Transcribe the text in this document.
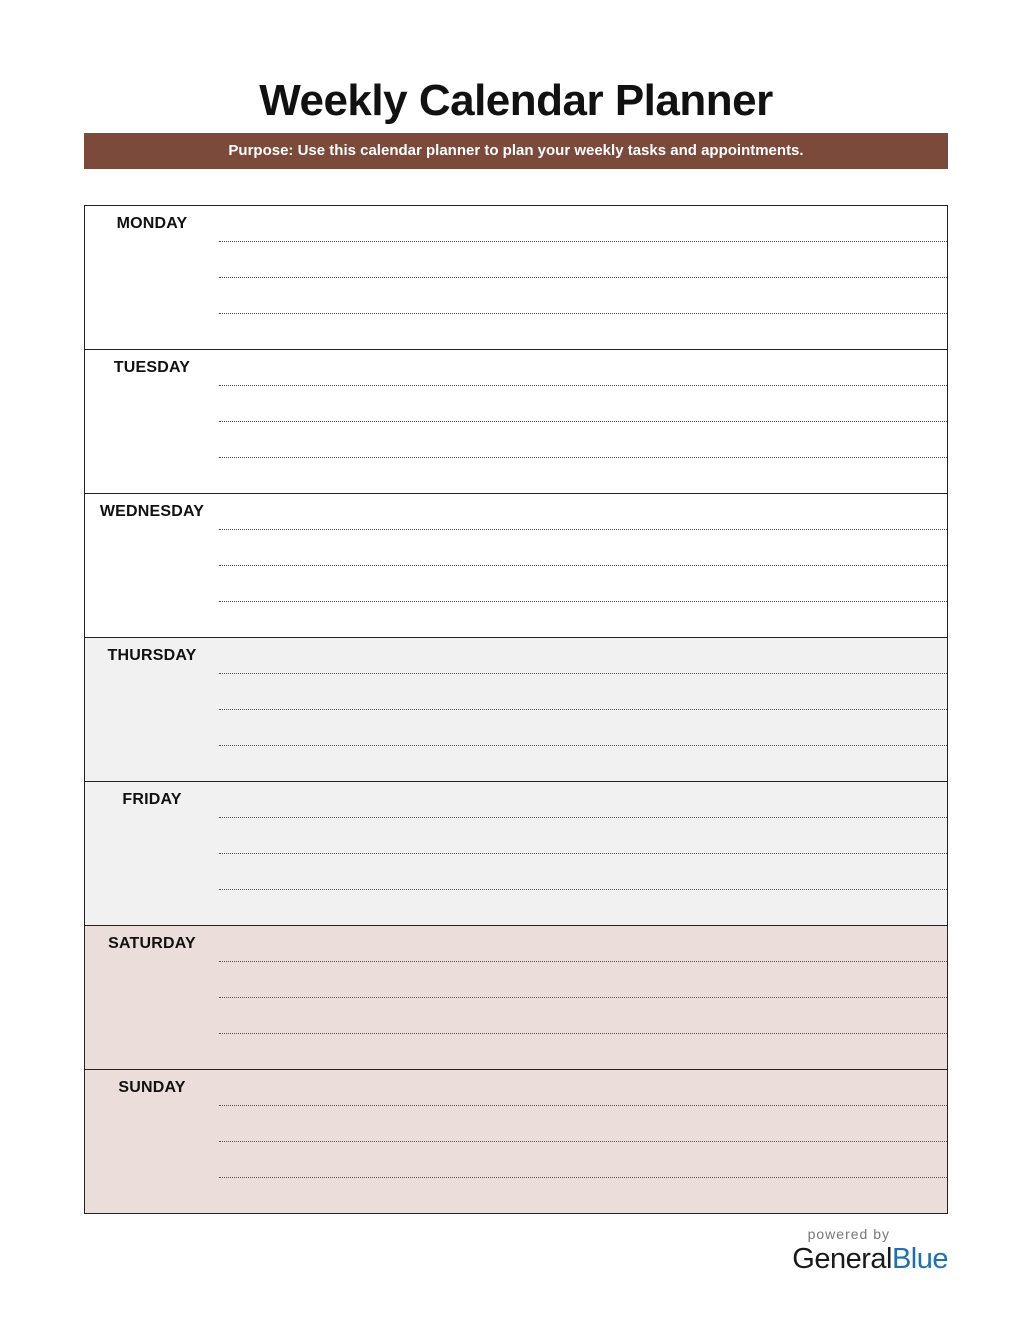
Weekly Calendar Planner
Purpose: Use this calendar planner to plan your weekly tasks and appointments.
MONDAY
TUESDAY
WEDNESDAY
THURSDAY
FRIDAY
SATURDAY
SUNDAY
powered by
GeneralBlue
